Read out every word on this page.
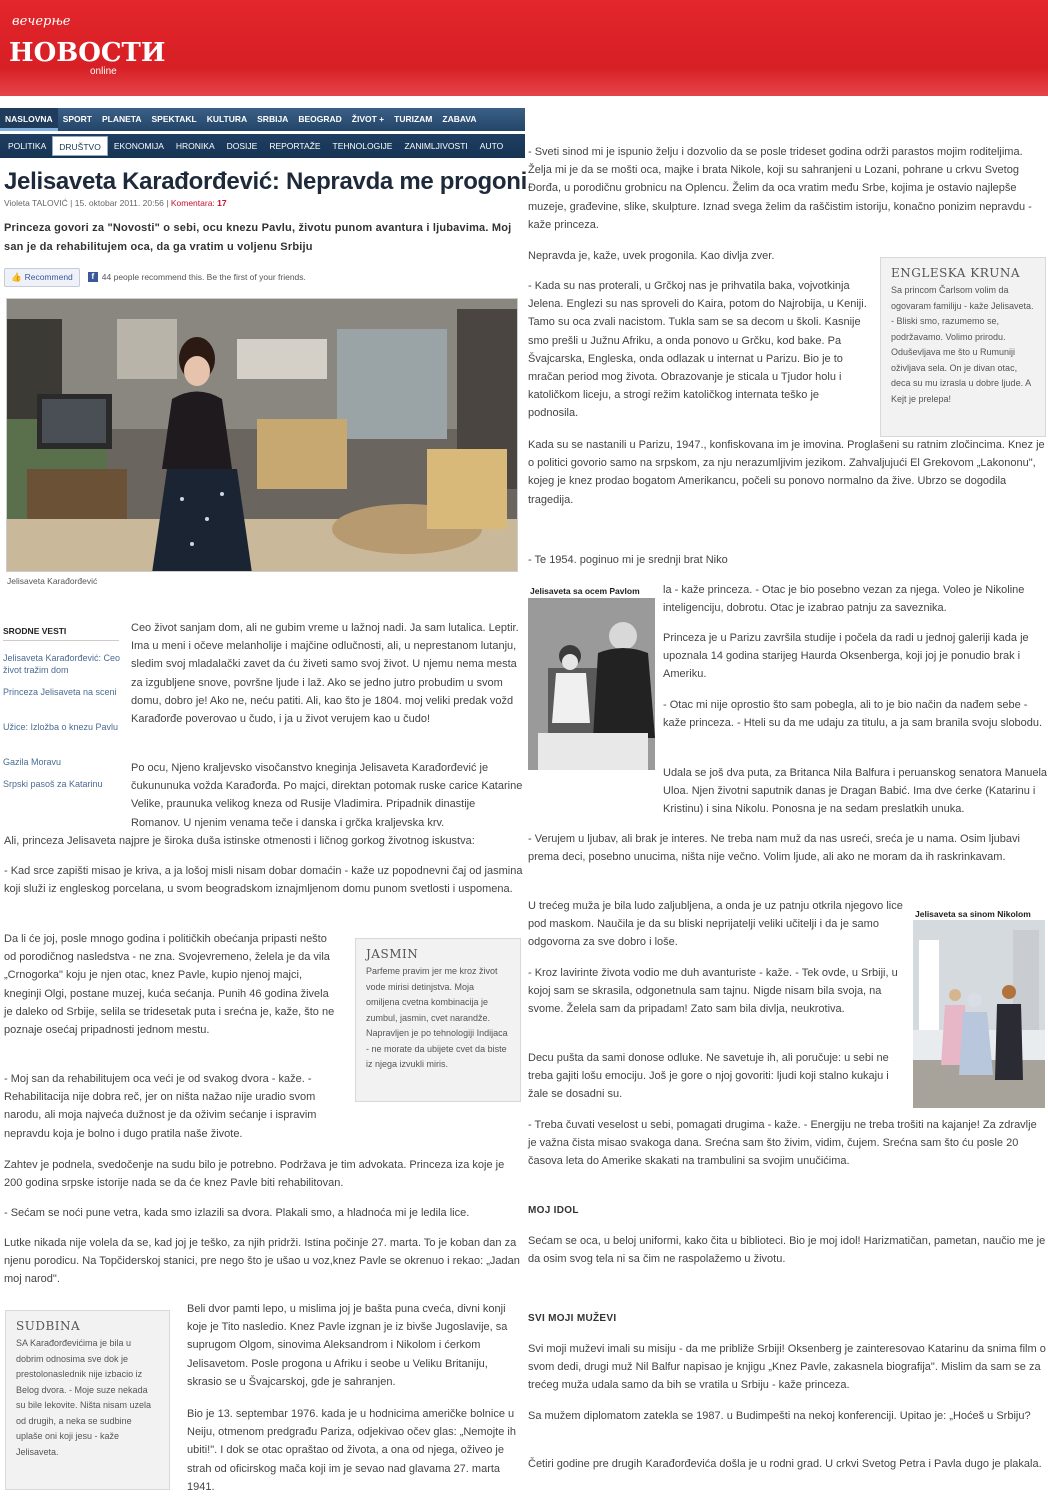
вечерње
НОВОСТИ
online
NASLOVNA	SPORT	PLANETA	SPEKTAKL	KULTURA	SRBIJA	BEOGRAD	ŽIVOT +	TURIZAM	ZABAVA
POLITIKA	DRUŠTVO	EKONOMIJA	HRONIKA	DOSIJE	REPORTAŽE	TEHNOLOGIJE	ZANIMLJIVOSTI	AUTO
Jelisaveta Karađorđević: Nepravda me progoni
Violeta TALOVIĆ | 15. oktobar 2011. 20:56 | Komentara: 17
Princeza govori za "Novosti" o sebi, ocu knezu Pavlu, životu punom avantura i ljubavima. Moj san je da rehabilitujem oca, da ga vratim u voljenu Srbiju
👍 Recommend	f 44 people recommend this. Be the first of your friends.
Jelisaveta Karađorđević
SRODNE VESTI
Jelisaveta Karađorđević: Ceo život tražim dom
Princeza Jelisaveta na sceni
Užice: Izložba o knezu Pavlu
Gazila Moravu
Srpski pasoš za Katarinu

Ceo život sanjam dom, ali ne gubim vreme u lažnoj nadi. Ja sam lutalica. Leptir. Ima u meni i očeve melanholije i majčine odlučnosti, ali, u neprestanom lutanju, sledim svoj mladalački zavet da ću živeti samo svoj život. U njemu nema mesta za izgubljene snove, površne ljude i laž. Ako se jedno jutro probudim u svom domu, dobro je! Ako ne, neću patiti. Ali, kao što je 1804. moj veliki predak vožd Karađorđe poverovao u čudo, i ja u život verujem kao u čudo!

Po ocu, Njeno kraljevsko visočanstvo kneginja Jelisaveta Karađorđević je čukununuka vožda Karađorđa. Po majci, direktan potomak ruske carice Katarine Velike, praunuka velikog kneza od Rusije Vladimira. Pripadnik dinastije Romanov. U njenim venama teče i danska i grčka kraljevska krv.

Ali, princeza Jelisaveta najpre je široka duša istinske otmenosti i ličnog gorkog životnog iskustva:

- Kad srce zapišti misao je kriva, a ja lošoj misli nisam dobar domaćin - kaže uz popodnevni čaj od jasmina koji služi iz engleskog porcelana, u svom beogradskom iznajmljenom domu punom svetlosti i uspomena.

Da li će joj, posle mnogo godina i političkih obećanja pripasti nešto od porodičnog nasledstva - ne zna. Svojevremeno, želela je da vila „Crnogorka" koju je njen otac, knez Pavle, kupio njenoj majci, kneginji Olgi, postane muzej, kuća sećanja. Punih 46 godina živela je daleko od Srbije, selila se tridesetak puta i srećna je, kaže, što ne poznaje osećaj pripadnosti jednom mestu.

JASMIN
Parfeme pravim jer me kroz život vode mirisi detinjstva. Moja omiljena cvetna kombinacija je zumbul, jasmin, cvet narandže. Napravljen je po tehnologiji Indijaca - ne morate da ubijete cvet da biste iz njega izvukli miris.

- Moj san da rehabilitujem oca veći je od svakog dvora - kaže. - Rehabilitacija nije dobra reč, jer on ništa nažao nije uradio svom narodu, ali moja najveća dužnost je da oživim sećanje i ispravim nepravdu koja je bolno i dugo pratila naše živote.

Zahtev je podnela, svedočenje na sudu bilo je potrebno. Podržava je tim advokata. Princeza iza koje je 200 godina srpske istorije nada se da će knez Pavle biti rehabilitovan.

- Sećam se noći pune vetra, kada smo izlazili sa dvora. Plakali smo, a hladnoća mi je ledila lice.

Lutke nikada nije volela da se, kad joj je teško, za njih pridrži. Istina počinje 27. marta. To je koban dan za njenu porodicu. Na Topčiderskoj stanici, pre nego što je ušao u voz,knez Pavle se okrenuo i rekao: „Jadan moj narod".

SUDBINA
SA Karađorđevićima je bila u dobrim odnosima sve dok je prestolonaslednik nije izbacio iz Belog dvora. - Moje suze nekada su bile lekovite. Ništa nisam uzela od drugih, a neka se sudbine uplaše oni koji jesu - kaže Jelisaveta.

Beli dvor pamti lepo, u mislima joj je bašta puna cveća, divni konji koje je Tito nasledio. Knez Pavle izgnan je iz bivše Jugoslavije, sa suprugom Olgom, sinovima Aleksandrom i Nikolom i ćerkom Jelisavetom. Posle progona u Afriku i seobe u Veliku Britaniju, skrasio se u Švajcarskoj, gde je sahranjen.

Bio je 13. septembar 1976. kada je u hodnicima američke bolnice u Neiju, otmenom predgrađu Pariza, odjekivao očev glas: „Nemojte ih ubiti!". I dok se otac opraštao od života, a ona od njega, oživeo je strah od oficirskog mača koji im je sevao nad glavama 27. marta 1941.

- Sveti sinod mi je ispunio želju i dozvolio da se posle trideset godina održi parastos mojim roditeljima. Želja mi je da se mošti oca, majke i brata Nikole, koji su sahranjeni u Lozani, pohrane u crkvu Svetog Đorđa, u porodičnu grobnicu na Oplencu. Želim da oca vratim među Srbe, kojima je ostavio najlepše muzeje, građevine, slike, skulpture. Iznad svega želim da raščistim istoriju, konačno ponizim nepravdu - kaže princeza.

Nepravda je, kaže, uvek progonila. Kao divlja zver.

- Kada su nas proterali, u Grčkoj nas je prihvatila baka, vojvotkinja Jelena. Englezi su nas sproveli do Kaira, potom do Najrobija, u Keniji. Tamo su oca zvali nacistom. Tukla sam se sa decom u školi. Kasnije smo prešli u Južnu Afriku, a onda ponovo u Grčku, kod bake. Pa Švajcarska, Engleska, onda odlazak u internat u Parizu. Bio je to mračan period mog života. Obrazovanje je sticala u Tjudor holu i katoličkom liceju, a strogi režim katoličkog internata teško je podnosila.

ENGLESKA KRUNA
Sa princom Čarlsom volim da ogovaram familiju - kaže Jelisaveta. - Bliski smo, razumemo se, podržavamo. Volimo prirodu. Oduševljava me što u Rumuniji oživljava sela. On je divan otac, deca su mu izrasla u dobre ljude. A Kejt je prelepa!

Kada su se nastanili u Parizu, 1947., konfiskovana im je imovina. Proglašeni su ratnim zločincima. Knez je o politici govorio samo na srpskom, za nju nerazumljivim jezikom. Zahvaljujući El Grekovom „Lakononu", kojeg je knez prodao bogatom Amerikancu, počeli su ponovo normalno da žive. Ubrzo se dogodila tragedija.

- Te 1954. poginuo mi je srednji brat Niko

Jelisaveta sa ocem Pavlom la - kaže princeza. - Otac je bio posebno vezan za njega. Voleo je Nikoline inteligenciju, dobrotu. Otac je izabrao patnju za saveznika.

Princeza je u Parizu završila studije i počela da radi u jednoj galeriji kada je upoznala 14 godina starijeg Haurda Oksenberga, koji joj je ponudio brak i Ameriku.

- Otac mi nije oprostio što sam pobegla, ali to je bio način da nađem sebe - kaže princeza. - Hteli su da me udaju za titulu, a ja sam branila svoju slobodu.

Udala se još dva puta, za Britanca Nila Balfura i peruanskog senatora Manuela Uloa. Njen životni saputnik danas je Dragan Babić. Ima dve ćerke (Katarinu i Kristinu) i sina Nikolu. Ponosna je na sedam preslatkih unuka.

- Verujem u ljubav, ali brak je interes. Ne treba nam muž da nas usreći, sreća je u nama. Osim ljubavi prema deci, posebno unucima, ništa nije večno. Volim ljude, ali ako ne moram da ih raskrinkavam.

U trećeg muža je bila ludo zaljubljena, a onda je uz patnju otkrila njegovo lice pod maskom. Naučila je da su bliski neprijatelji veliki učitelji i da je samo odgovorna za sve dobro i loše.

Jelisaveta sa sinom Nikolom

- Kroz lavirinte života vodio me duh avanturiste - kaže. - Tek ovde, u Srbiji, u kojoj sam se skrasila, odgonetnula sam tajnu. Nigde nisam bila svoja, na svome. Želela sam da pripadam! Zato sam bila divlja, neukrotiva.

Decu pušta da sami donose odluke. Ne savetuje ih, ali poručuje: u sebi ne treba gajiti lošu emociju. Još je gore o njoj govoriti: ljudi koji stalno kukaju i žale se dosadni su.

- Treba čuvati veselost u sebi, pomagati drugima - kaže. - Energiju ne treba trošiti na kajanje! Za zdravlje je važna čista misao svakoga dana. Srećna sam što živim, vidim, čujem. Srećna sam što ću posle 20 časova leta do Amerike skakati na trambulini sa svojim unučićima.

MOJ IDOL

Sećam se oca, u beloj uniformi, kako čita u biblioteci. Bio je moj idol! Harizmatičan, pametan, naučio me je da osim svog tela ni sa čim ne raspolažemo u životu.

SVI MOJI MUŽEVI

Svi moji muževi imali su misiju - da me približe Srbiji! Oksenberg je zainteresovao Katarinu da snima film o svom dedi, drugi muž Nil Balfur napisao je knjigu „Knez Pavle, zakasnela biografija". Mislim da sam se za trećeg muža udala samo da bih se vratila u Srbiju - kaže princeza.

Sa mužem diplomatom zatekla se 1987. u Budimpešti na nekoj konferenciji. Upitao je: „Hoćeš u Srbiju?

Četiri godine pre drugih Karađorđevića došla je u rodni grad. U crkvi Svetog Petra i Pavla dugo je plakala.
